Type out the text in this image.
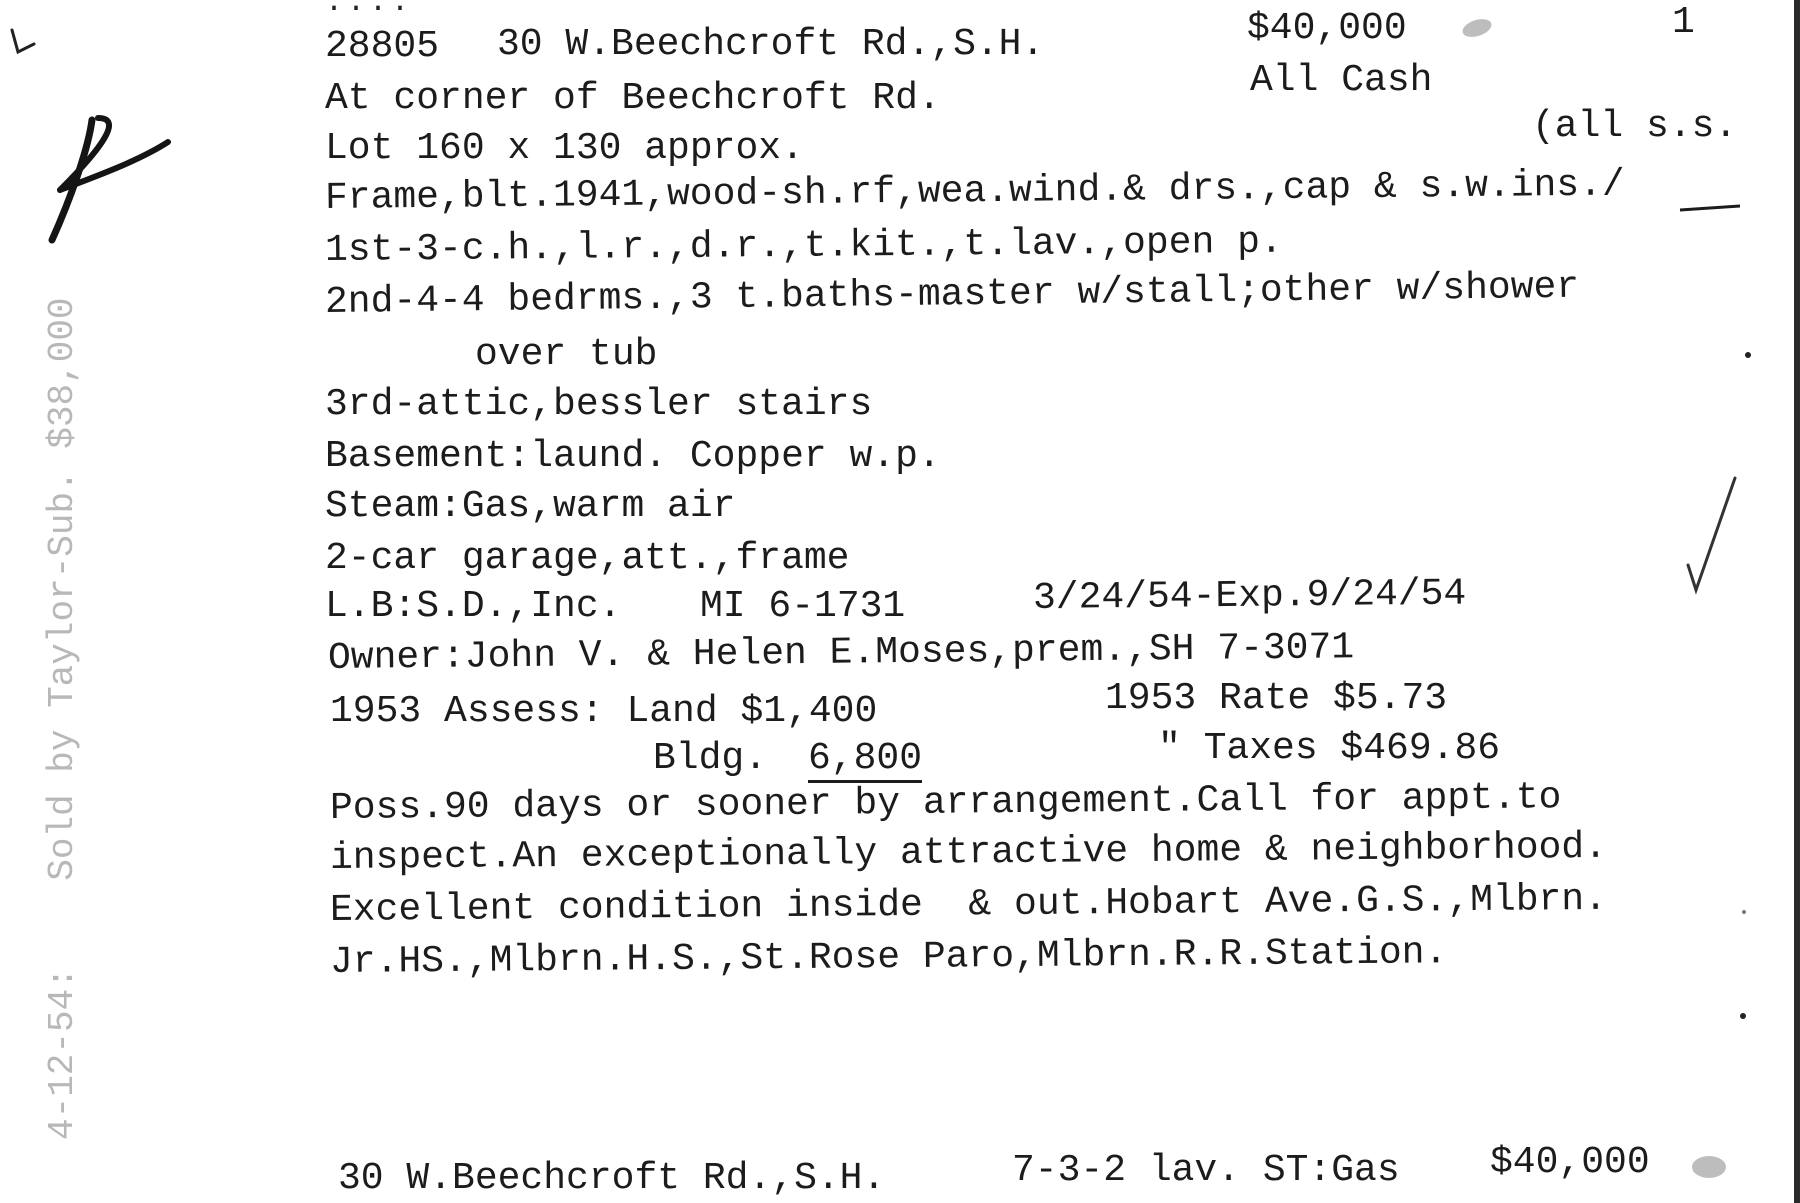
....
28805 30 W.Beechcroft Rd.,S.H.	$40,000	1
At corner of Beechcroft Rd.	All Cash
Lot 160 x 130 approx.
(all s.s.
Frame,blt.1941,wood-sh.rf,wea.wind.& drs.,cap & s.w.ins./
1st-3-c.h.,l.r.,d.r.,t.kit.,t.lav.,open p.
2nd-4-4 bedrms.,3 t.baths-master w/stall;other w/shower
over tub
3rd-attic,bessler stairs
Basement:laund. Copper w.p.
Steam:Gas,warm air
2-car garage,att.,frame
L.B:S.D.,Inc. MI 6-1731	3/24/54-Exp.9/24/54
Owner:John V. & Helen E.Moses,prem.,SH 7-3071
1953 Assess: Land $1,400	1953 Rate $5.73
Bldg. 6,800	" Taxes $469.86
Poss.90 days or sooner by arrangement.Call for appt.to
inspect.An exceptionally attractive home & neighborhood.
Excellent condition inside  & out.Hobart Ave.G.S.,Mlbrn.
Jr.HS.,Mlbrn.H.S.,St.Rose Paro,Mlbrn.R.R.Station.
30 W.Beechcroft Rd.,S.H.	7-3-2 lav. ST:Gas $40,000
4-12-54:    Sold by Taylor-Sub. $38,000
